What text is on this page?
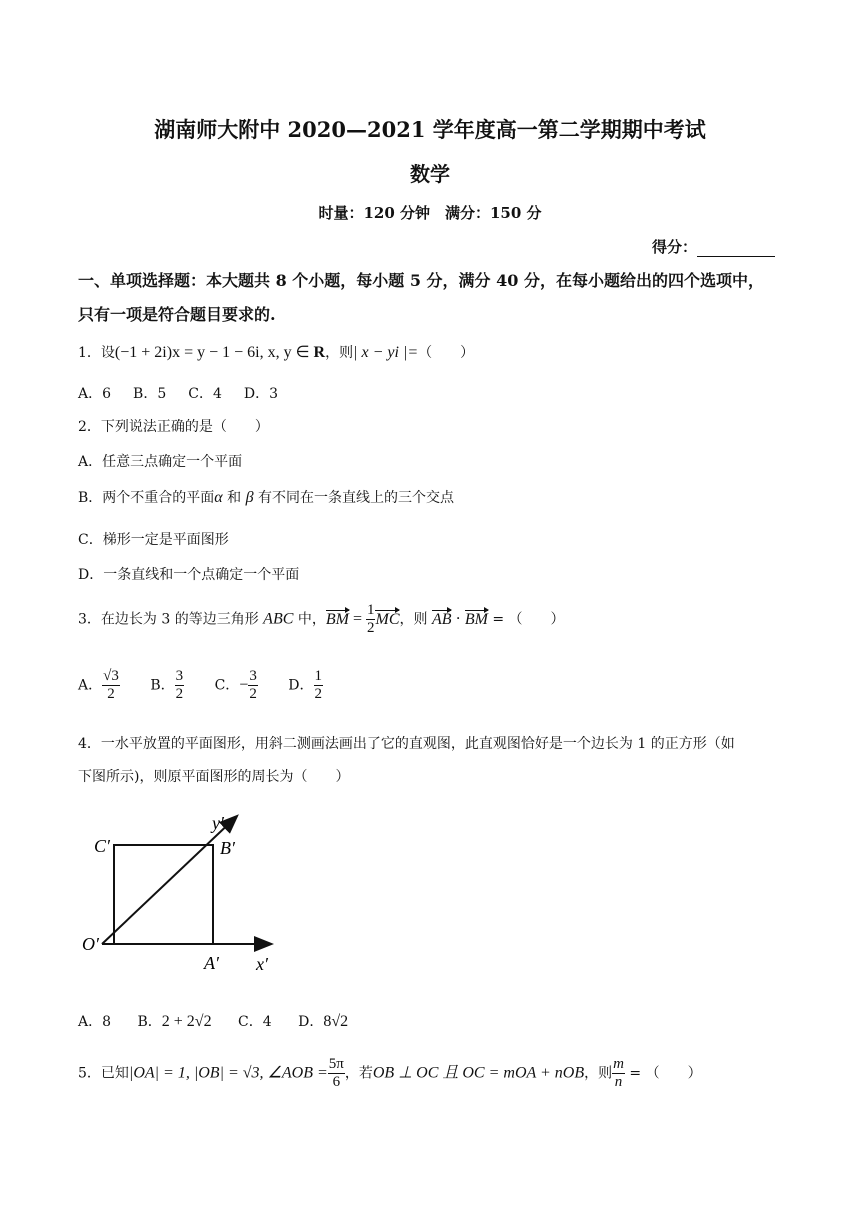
湖南师大附中 2020—2021 学年度高一第二学期期中考试
数学
时量：120 分钟　满分：150 分
得分：
一、单项选择题：本大题共 8 个小题，每小题 5 分，满分 40 分，在每小题给出的四个选项中，
只有一项是符合题目要求的.
1．设(−1 + 2i)x = y − 1 − 6i, x, y ∈ R，则| x − yi |=（　　）
A．6 B．5 C．4 D．3
2．下列说法正确的是（　　）
A．任意三点确定一个平面
B．两个不重合的平面α 和 β 有不同在一条直线上的三个交点
C．梯形一定是平面图形
D．一条直线和一个点确定一个平面
3．在边长为 3 的等边三角形 ABC 中，BM = $\frac{1}{2}$ MC，则 AB · BM = （　　）
A． $\frac{√3}{2}$ B． $\frac{3}{2}$ C．− $\frac{3}{2}$ D． $\frac{1}{2}$
4．一水平放置的平面图形，用斜二测画法画出了它的直观图，此直观图恰好是一个边长为 1 的正方形（如
下图所示)，则原平面图形的周长为（　　）
y′
x′
O′
A′
B′
C′
A．8 B．2 + 2√2 C．4 D．8√2
5．已知|OA| = 1, |OB| = √3, ∠AOB = $\frac{5\pi}{6}$ ，若OB ⊥ OC 且 OC = mOA + nOB，则 $\frac{m}{n}$ = （　　）
